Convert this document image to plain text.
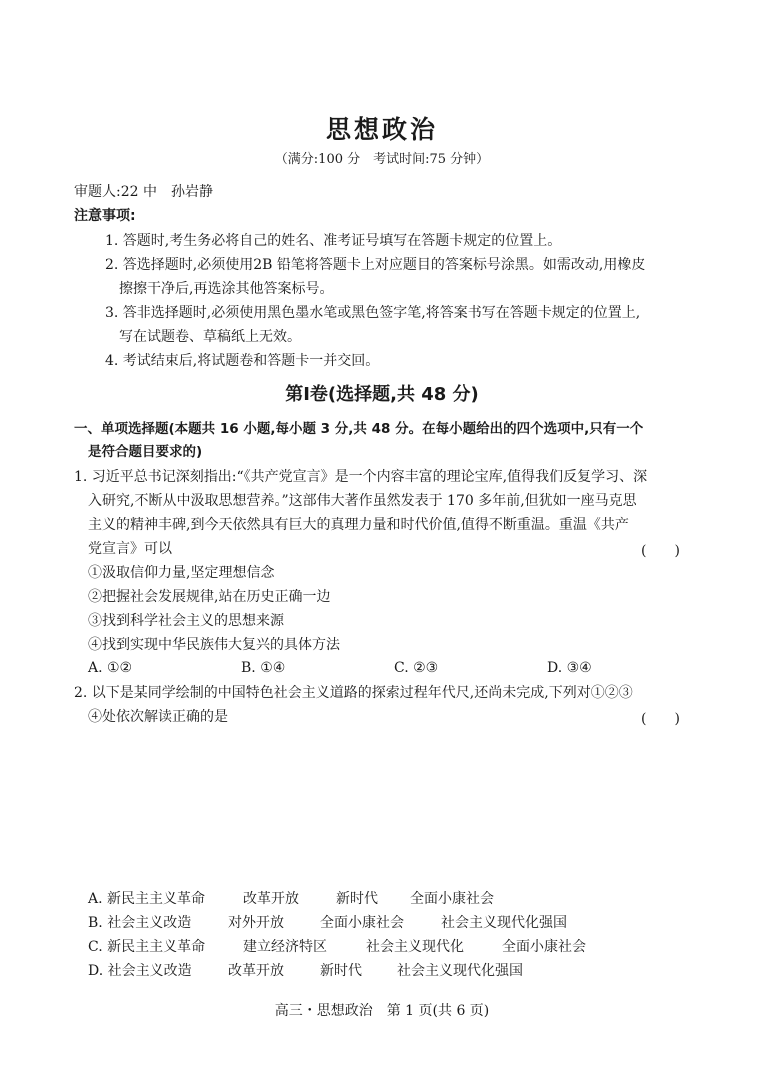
思想政治
（满分:100 分　考试时间:75 分钟）
审题人:22 中　孙岩静
注意事项:
1. 答题时,考生务必将自己的姓名、准考证号填写在答题卡规定的位置上。
2. 答选择题时,必须使用2B 铅笔将答题卡上对应题目的答案标号涂黑。如需改动,用橡皮
擦擦干净后,再选涂其他答案标号。
3. 答非选择题时,必须使用黑色墨水笔或黑色签字笔,将答案书写在答题卡规定的位置上,
写在试题卷、草稿纸上无效。
4. 考试结束后,将试题卷和答题卡一并交回。
第Ⅰ卷(选择题,共 48 分)
一、单项选择题(本题共 16 小题,每小题 3 分,共 48 分。在每小题给出的四个选项中,只有一个
是符合题目要求的)
1. 习近平总书记深刻指出:“《共产党宣言》是一个内容丰富的理论宝库,值得我们反复学习、深
入研究,不断从中汲取思想营养。”这部伟大著作虽然发表于 170 多年前,但犹如一座马克思
主义的精神丰碑,到今天依然具有巨大的真理力量和时代价值,值得不断重温。重温《共产
党宣言》可以	(　　)
①汲取信仰力量,坚定理想信念
②把握社会发展规律,站在历史正确一边
③找到科学社会主义的思想来源
④找到实现中华民族伟大复兴的具体方法
A. ①②	B. ①④	C. ②③	D. ③④
2. 以下是某同学绘制的中国特色社会主义道路的探索过程年代尺,还尚未完成,下列对①②③
④处依次解读正确的是	(　　)
A. 新民主主义革命	改革开放	新时代 全面小康社会
B. 社会主义改造	对外开放	全面小康社会	社会主义现代化强国
C. 新民主主义革命	建立经济特区	社会主义现代化	全面小康社会
D. 社会主义改造	改革开放	新时代	社会主义现代化强国
高三・思想政治　第 1 页(共 6 页)
